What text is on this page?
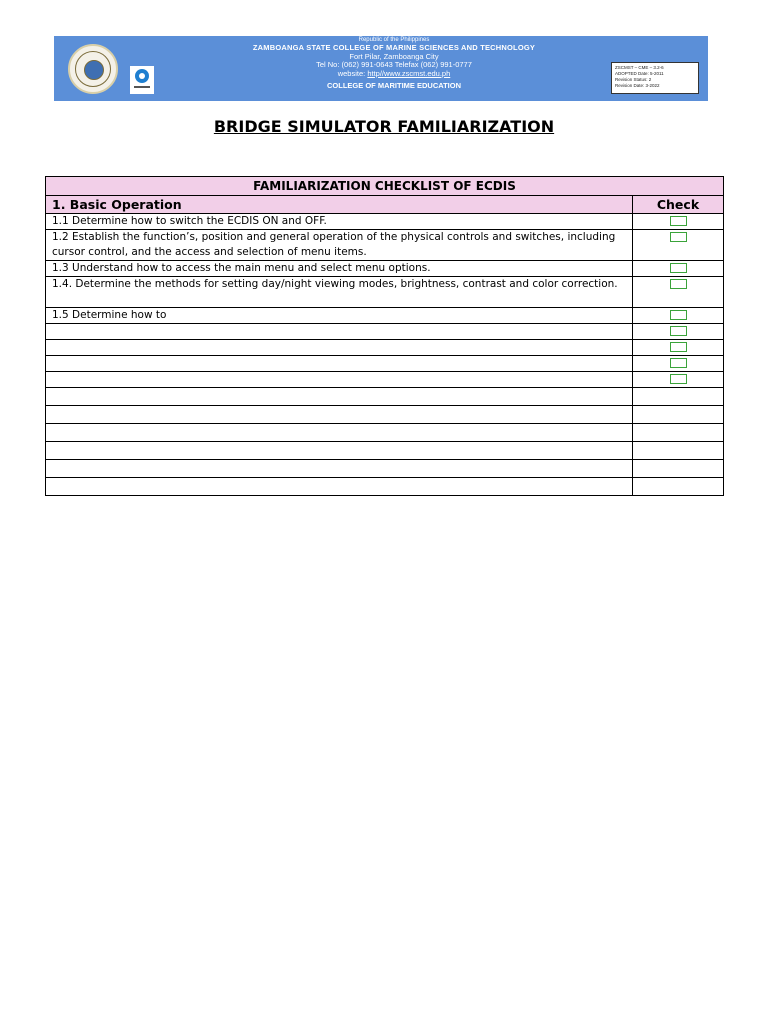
Republic of the Philippines
ZAMBOANGA STATE COLLEGE OF MARINE SCIENCES AND TECHNOLOGY
Fort Pilar, Zamboanga City
Tel No: (062) 991-0643 Telefax (062) 991-0777
website: http//www.zscmst.edu.ph
COLLEGE OF MARITIME EDUCATION
ZSCMST – CME – 3.2-6
ADOPTED Date: 5-2011
Revision Status: 2
Revision Date: 3-2022
BRIDGE SIMULATOR FAMILIARIZATION
FAMILIARIZATION CHECKLIST OF ECDIS	
1. Basic Operation	Check
1.1 Determine how to switch the ECDIS ON and OFF.	
1.2 Establish the function’s, position and general operation of the physical controls and switches, including cursor control, and the access and selection of menu items.	
1.3 Understand how to access the main menu and select menu options.	
1.4. Determine the methods for setting day/night viewing modes, brightness, contrast and color correction.	
1.5 Determine how to	
